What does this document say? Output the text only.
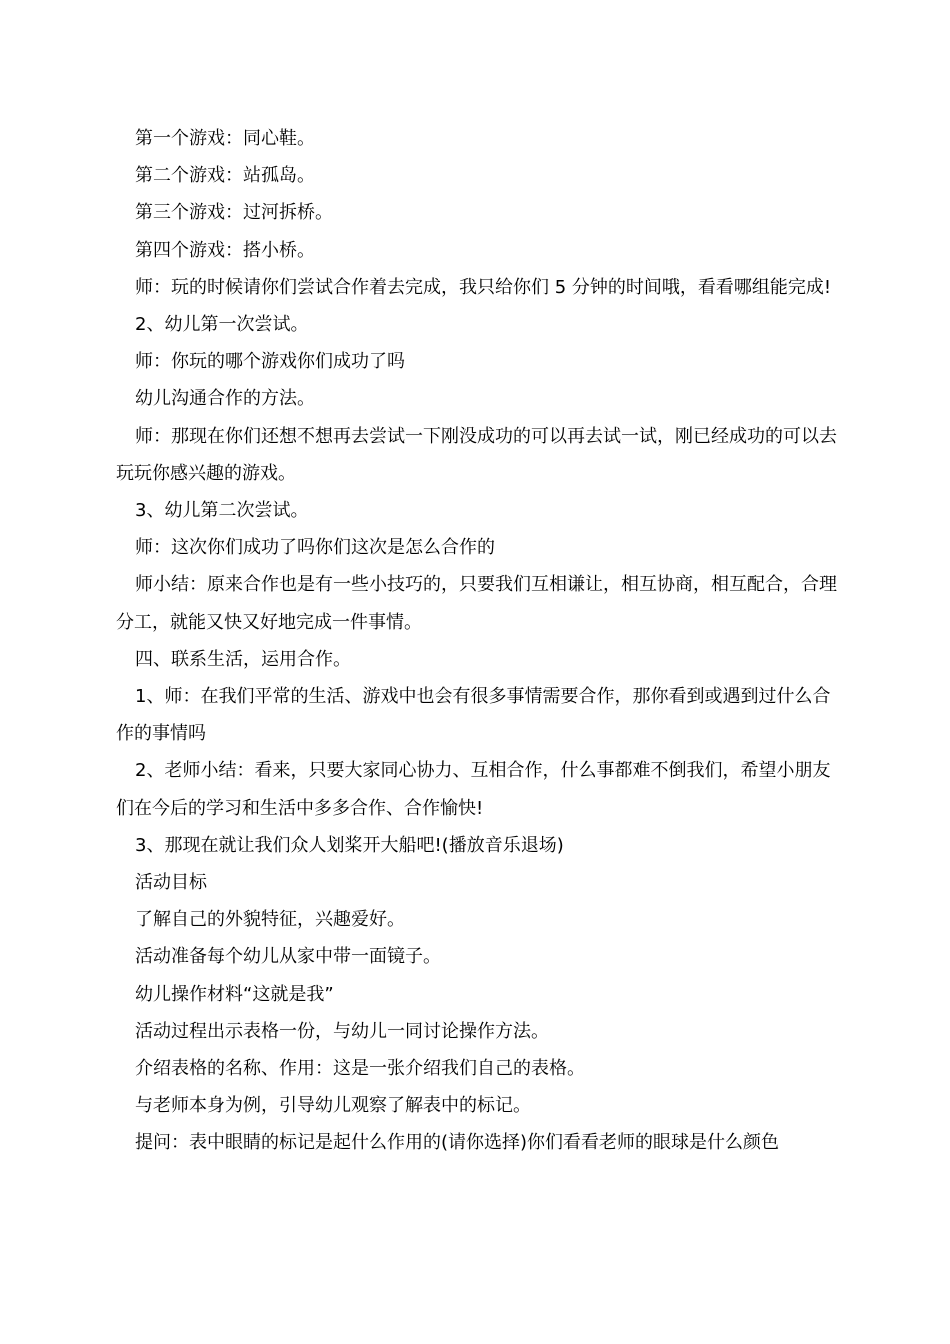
第一个游戏：同心鞋。

第二个游戏：站孤岛。

第三个游戏：过河拆桥。

第四个游戏：搭小桥。

师：玩的时候请你们尝试合作着去完成，我只给你们 5 分钟的时间哦，看看哪组能完成!

2、幼儿第一次尝试。

师：你玩的哪个游戏你们成功了吗

幼儿沟通合作的方法。

师：那现在你们还想不想再去尝试一下刚没成功的可以再去试一试，刚已经成功的可以去玩玩你感兴趣的游戏。

3、幼儿第二次尝试。

师：这次你们成功了吗你们这次是怎么合作的

师小结：原来合作也是有一些小技巧的，只要我们互相谦让，相互协商，相互配合，合理分工，就能又快又好地完成一件事情。

四、联系生活，运用合作。

1、师：在我们平常的生活、游戏中也会有很多事情需要合作，那你看到或遇到过什么合作的事情吗

2、老师小结：看来，只要大家同心协力、互相合作，什么事都难不倒我们，希望小朋友们在今后的学习和生活中多多合作、合作愉快!

3、那现在就让我们众人划桨开大船吧!(播放音乐退场)

活动目标

了解自己的外貌特征，兴趣爱好。

活动准备每个幼儿从家中带一面镜子。

幼儿操作材料“这就是我”

活动过程出示表格一份，与幼儿一同讨论操作方法。

介绍表格的名称、作用：这是一张介绍我们自己的表格。

与老师本身为例，引导幼儿观察了解表中的标记。

提问：表中眼睛的标记是起什么作用的(请你选择)你们看看老师的眼球是什么颜色
